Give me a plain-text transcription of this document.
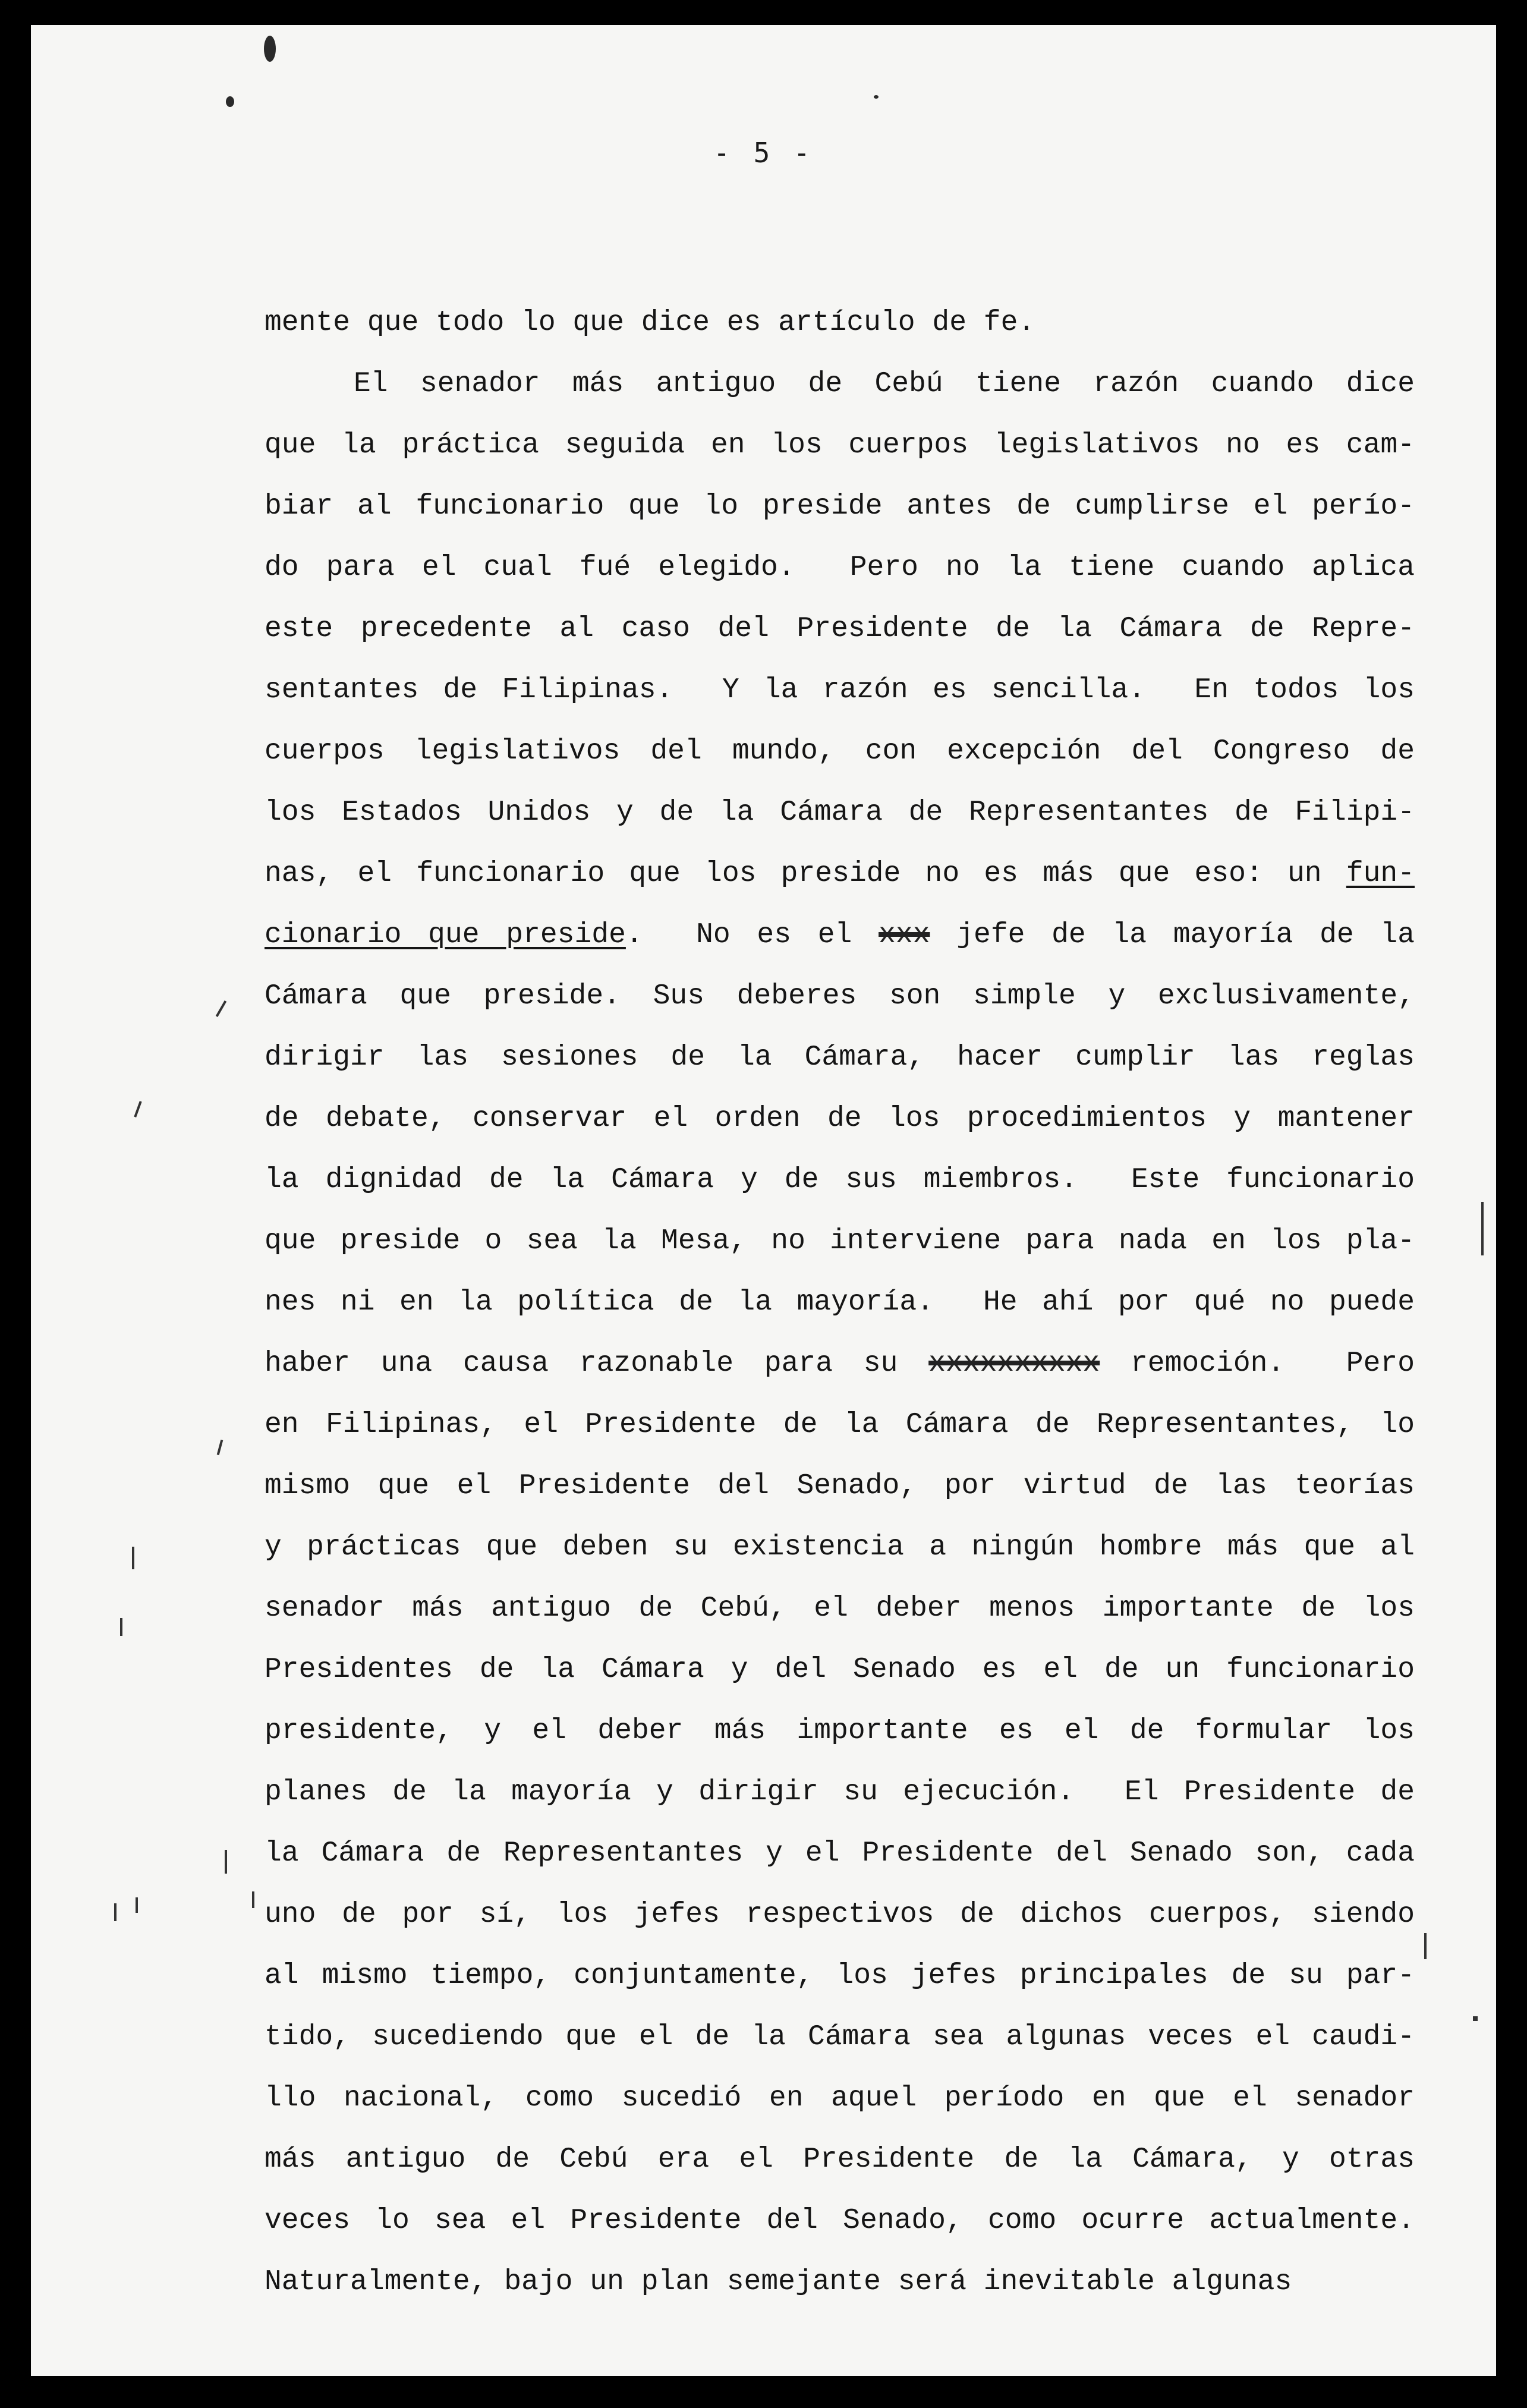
- 5 -
mente que todo lo que dice es artículo de fe.
El senador más antiguo de Cebú tiene razón cuando dice
que la práctica seguida en los cuerpos legislativos no es cam-
biar al funcionario que lo preside antes de cumplirse el perío-
do para el cual fué elegido.  Pero no la tiene cuando aplica
este precedente al caso del Presidente de la Cámara de Repre-
sentantes de Filipinas.  Y la razón es sencilla.  En todos los
cuerpos legislativos del mundo, con excepción del Congreso de
los Estados Unidos y de la Cámara de Representantes de Filipi-
nas, el funcionario que los preside no es más que eso: un fun-
cionario que preside.  No es el xxx jefe de la mayoría de la
Cámara que preside. Sus deberes son simple y exclusivamente,
dirigir las sesiones de la Cámara, hacer cumplir las reglas
de debate, conservar el orden de los procedimientos y mantener
la dignidad de la Cámara y de sus miembros.  Este funcionario
que preside o sea la Mesa, no interviene para nada en los pla-
nes ni en la política de la mayoría.  He ahí por qué no puede
haber una causa razonable para su xxxxxxxxxx remoción.  Pero
en Filipinas, el Presidente de la Cámara de Representantes, lo
mismo que el Presidente del Senado, por virtud de las teorías
y prácticas que deben su existencia a ningún hombre más que al
senador más antiguo de Cebú, el deber menos importante de los
Presidentes de la Cámara y del Senado es el de un funcionario
presidente, y el deber más importante es el de formular los
planes de la mayoría y dirigir su ejecución.  El Presidente de
la Cámara de Representantes y el Presidente del Senado son, cada
uno de por sí, los jefes respectivos de dichos cuerpos, siendo
al mismo tiempo, conjuntamente, los jefes principales de su par-
tido, sucediendo que el de la Cámara sea algunas veces el caudi-
llo nacional, como sucedió en aquel período en que el senador
más antiguo de Cebú era el Presidente de la Cámara, y otras
veces lo sea el Presidente del Senado, como ocurre actualmente.
Naturalmente, bajo un plan semejante será inevitable algunas
